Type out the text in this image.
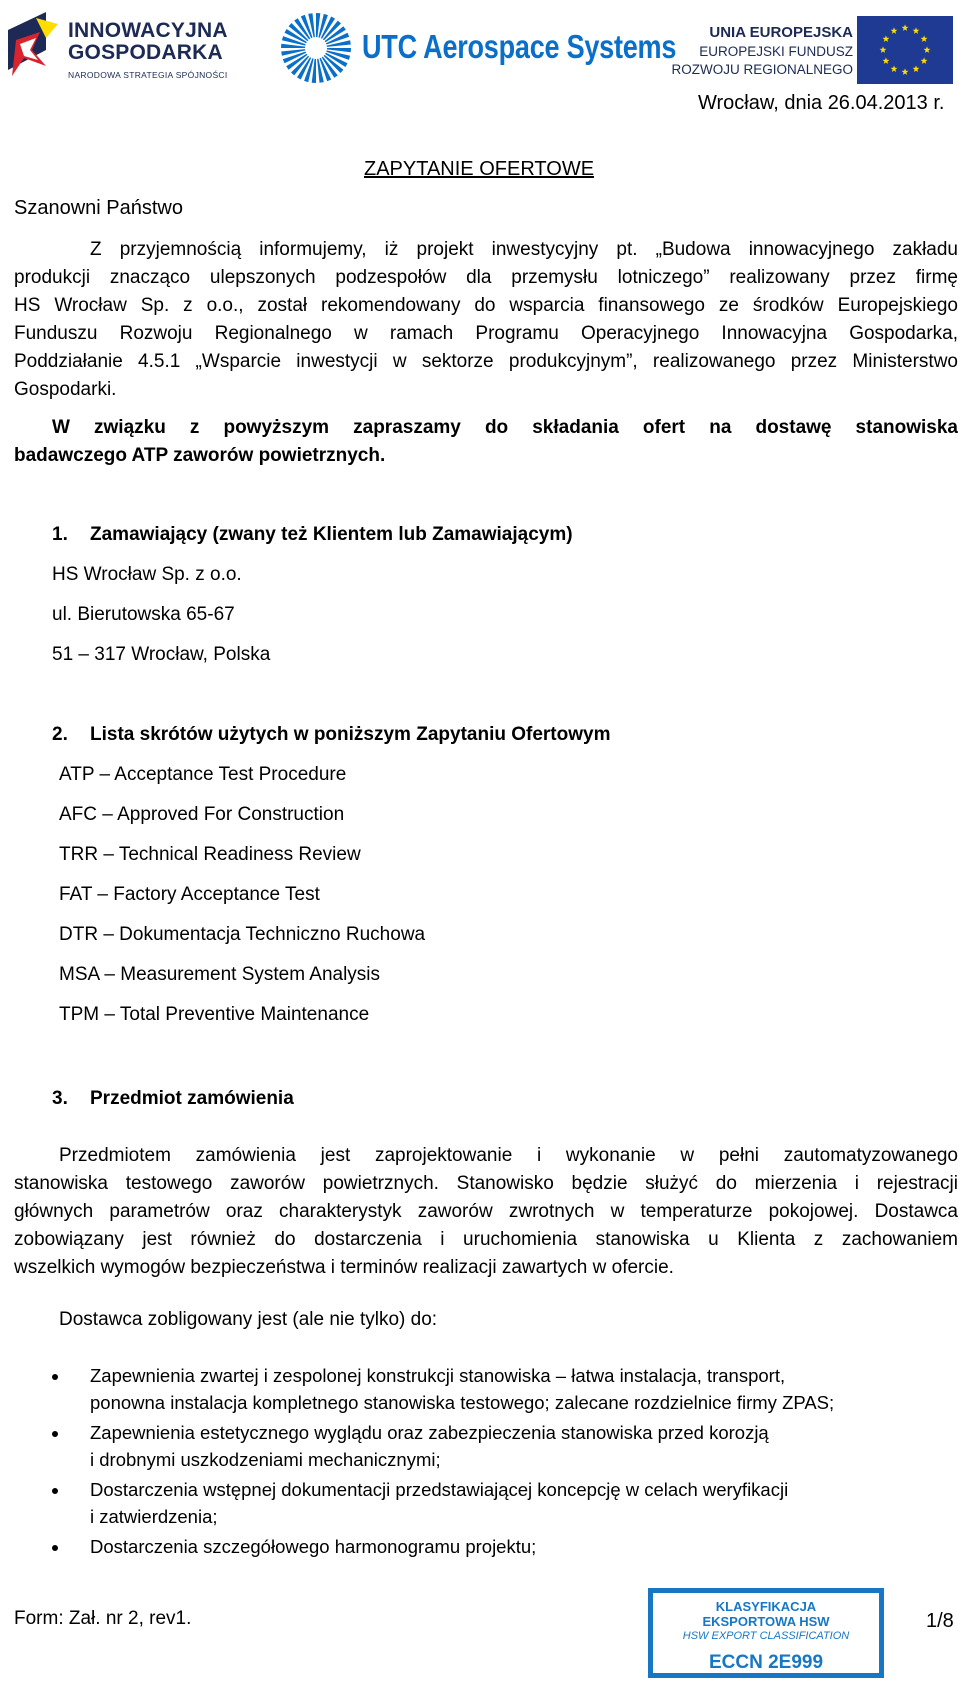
INNOWACYJNA
GOSPODARKA
NARODOWA STRATEGIA SPÓJNOŚCI
UTC Aerospace Systems UNIA EUROPEJSKA
EUROPEJSKI FUNDUSZ
ROZWOJU REGIONALNEGO
Wrocław, dnia 26.04.2013 r.
ZAPYTANIE OFERTOWE
Szanowni Państwo
Z przyjemnością informujemy, iż projekt inwestycyjny pt. „Budowa innowacyjnego zakładu
produkcji znacząco ulepszonych podzespołów dla przemysłu lotniczego” realizowany przez firmę
HS Wrocław Sp. z o.o., został rekomendowany do wsparcia finansowego ze środków Europejskiego
Funduszu Rozwoju Regionalnego w ramach Programu Operacyjnego Innowacyjna Gospodarka,
Poddziałanie 4.5.1 „Wsparcie inwestycji w sektorze produkcyjnym”, realizowanego przez Ministerstwo
Gospodarki.
W związku z powyższym zapraszamy do składania ofert na dostawę stanowiska
badawczego ATP zaworów powietrznych.
1. Zamawiający (zwany też Klientem lub Zamawiającym)
HS Wrocław Sp. z o.o.
ul. Bierutowska 65-67
51 – 317 Wrocław, Polska
2. Lista skrótów użytych w poniższym Zapytaniu Ofertowym
ATP – Acceptance Test Procedure
AFC – Approved For Construction
TRR – Technical Readiness Review
FAT – Factory Acceptance Test
DTR – Dokumentacja Techniczno Ruchowa
MSA – Measurement System Analysis
TPM – Total Preventive Maintenance
3. Przedmiot zamówienia
Przedmiotem zamówienia jest zaprojektowanie i wykonanie w pełni zautomatyzowanego
stanowiska testowego zaworów powietrznych. Stanowisko będzie służyć do mierzenia i rejestracji
głównych parametrów oraz charakterystyk zaworów zwrotnych w temperaturze pokojowej. Dostawca
zobowiązany jest również do dostarczenia i uruchomienia stanowiska u Klienta z zachowaniem
wszelkich wymogów bezpieczeństwa i terminów realizacji zawartych w ofercie.
Dostawca zobligowany jest (ale nie tylko) do:
Zapewnienia zwartej i zespolonej konstrukcji stanowiska – łatwa instalacja, transport,
ponowna instalacja kompletnego stanowiska testowego; zalecane rozdzielnice firmy ZPAS;
Zapewnienia estetycznego wyglądu oraz zabezpieczenia stanowiska przed korozją
i drobnymi uszkodzeniami mechanicznymi;
Dostarczenia wstępnej dokumentacji przedstawiającej koncepcję w celach weryfikacji
i zatwierdzenia;
Dostarczenia szczegółowego harmonogramu projektu;
Form: Zał. nr 2, rev1.
KLASYFIKACJA
EKSPORTOWA HSW
HSW EXPORT CLASSIFICATION
ECCN 2E999
1/8
